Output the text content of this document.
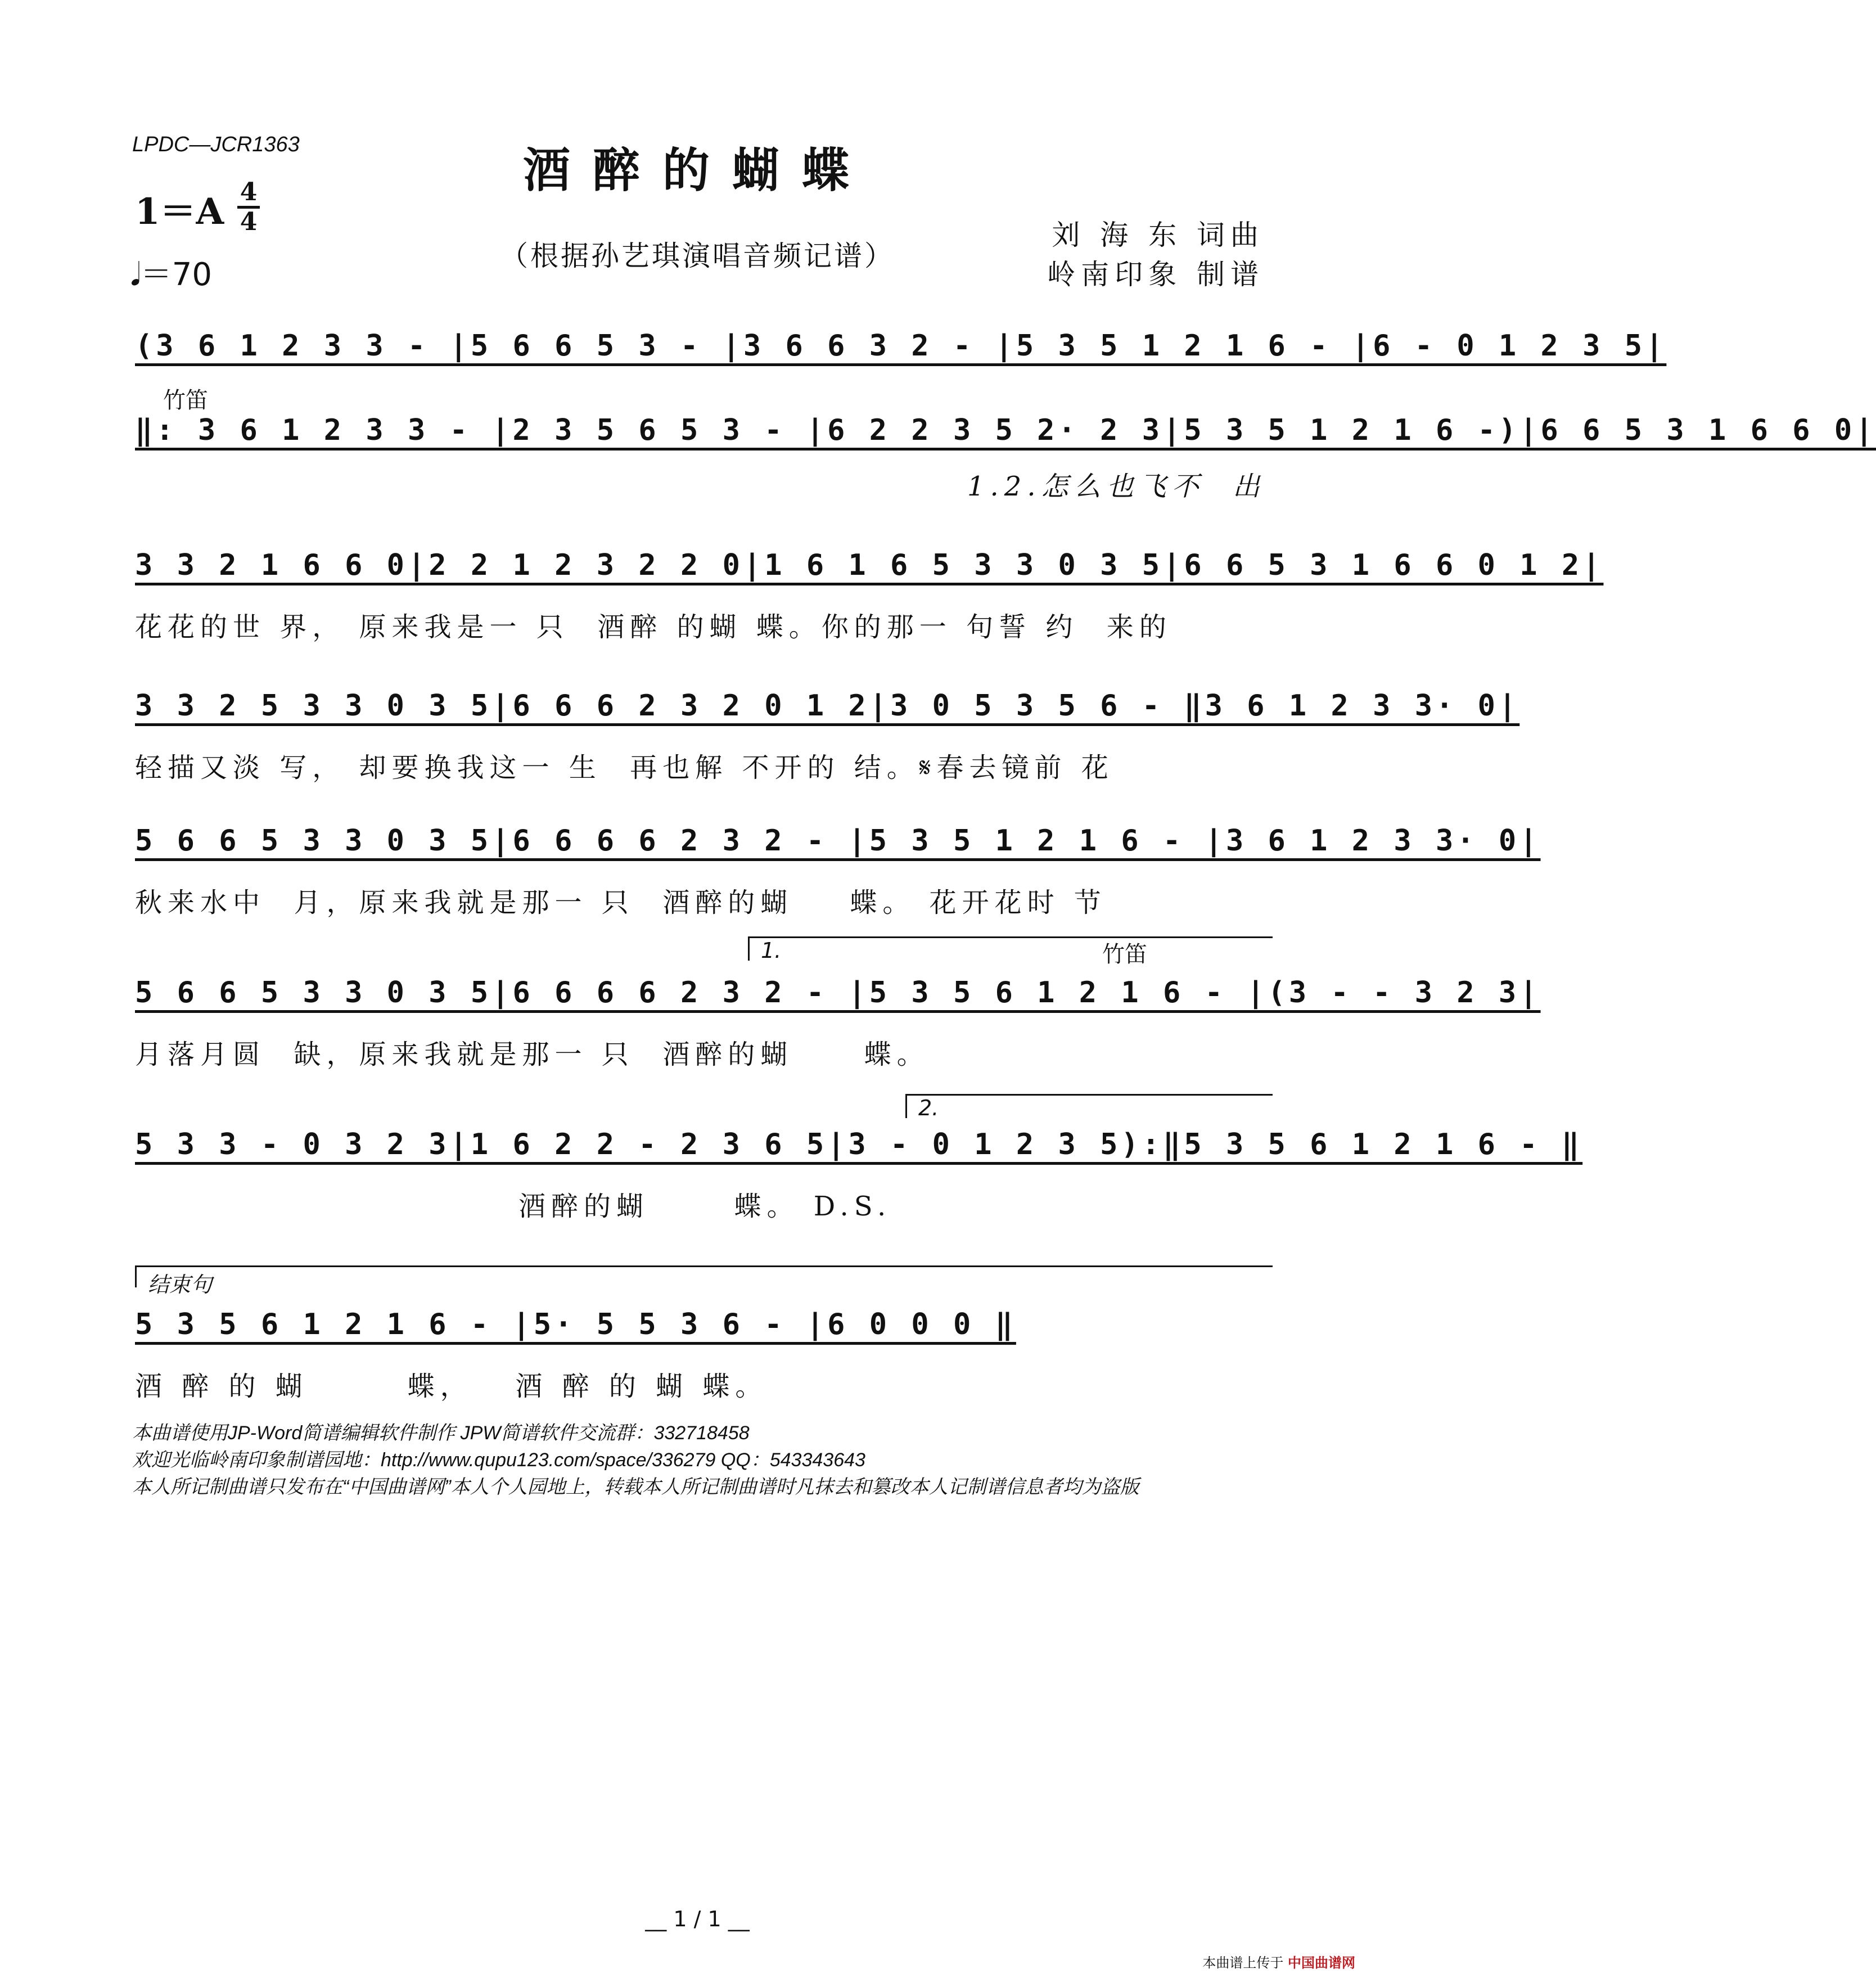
LPDC—JCR1363	酒醉的蝴蝶
1＝A 4
4
𝅘𝅥＝70
（根据孙艺琪演唱音频记谱）
刘 海 东 词曲
岭南印象 制谱
(3 6 1 2 3 3 - |5 6 6 5 3 - |3 6 6 3 2 - |5 3 5 1 2 1 6 - |6 - 0 1 2 3 5|
竹笛
‖: 3 6 1 2 3 3 - |2 3 5 6 5 3 - |6 2 2 3 5 2· 2 3|5 3 5 1 2 1 6 -)|6 6 5 3 1 6 6 0|
1.2.怎么也飞不  出
3 3 2 1 6 6 0|2 2 1 2 3 2 2 0|1 6 1 6 5 3 3 0 3 5|6 6 5 3 1 6 6 0 1 2|
花花的世 界， 原来我是一 只  酒醉 的蝴 蝶。你的那一 句誓 约  来的
3 3 2 5 3 3 0 3 5|6 6 6 2 3 2 0 1 2|3 0 5 3 5 6 - ‖3 6 1 2 3 3· 0|
轻描又淡 写， 却要换我这一 生  再也解 不开的 结。𝄋春去镜前 花
5 6 6 5 3 3 0 3 5|6 6 6 6 2 3 2 - |5 3 5 1 2 1 6 - |3 6 1 2 3 3· 0|
秋来水中  月，原来我就是那一 只  酒醉的蝴    蝶。 花开花时 节
1.	竹笛
5 6 6 5 3 3 0 3 5|6 6 6 6 2 3 2 - |5 3 5 6 1 2 1 6 - |(3 - - 3 2 3|
月落月圆  缺，原来我就是那一 只  酒醉的蝴     蝶。
2.
5 3 3 - 0 3 2 3|1 6 2 2 - 2 3 6 5|3 - 0 1 2 3 5):‖5 3 5 6 1 2 1 6 - ‖
酒醉的蝴      蝶。 D.S.
结束句
5 3 5 6 1 2 1 6 - |5· 5 5 3 6 - |6 0 0 0 ‖
酒 醉 的 蝴       蝶，   酒 醉 的 蝴 蝶。
本曲谱使用JP-Word简谱编辑软件制作 JPW简谱软件交流群：332718458
欢迎光临岭南印象制谱园地：http://www.qupu123.com/space/336279 QQ：543343643
本人所记制曲谱只发布在“中国曲谱网”本人个人园地上，转载本人所记制曲谱时凡抹去和篡改本人记制谱信息者均为盗版
__ 1 / 1 __
本曲谱上传于 中国曲谱网
